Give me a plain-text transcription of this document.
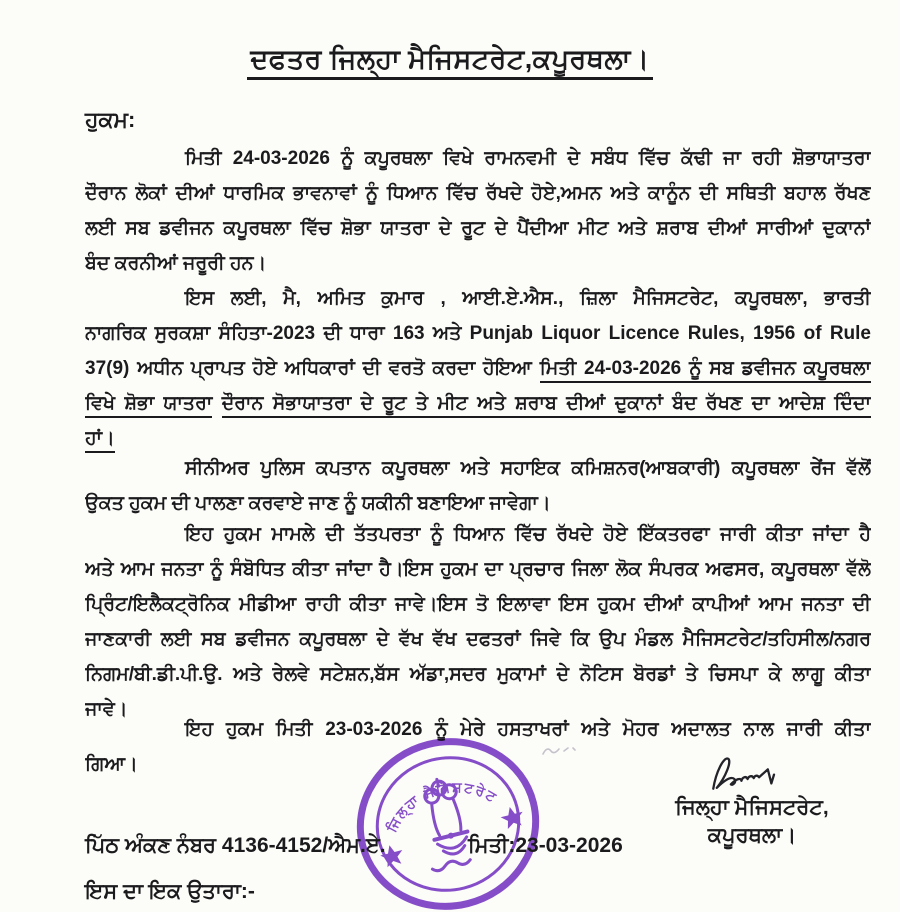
ਦਫਤਰ ਜਿਲ੍ਹਾ ਮੈਜਿਸਟਰੇਟ,ਕਪੂਰਥਲਾ।
ਹੁਕਮ:
ਮਿਤੀ 24-03-2026 ਨੂੰ ਕਪੂਰਥਲਾ ਵਿਖੇ ਰਾਮਨਵਮੀ ਦੇ ਸਬੰਧ ਵਿੱਚ ਕੱਢੀ ਜਾ ਰਹੀ ਸ਼ੋਭਾਯਾਤਰਾ
ਦੌਰਾਨ ਲੋਕਾਂ ਦੀਆਂ ਧਾਰਮਿਕ ਭਾਵਨਾਵਾਂ ਨੂੰ ਧਿਆਨ ਵਿੱਚ ਰੱਖਦੇ ਹੋਏ,ਅਮਨ ਅਤੇ ਕਾਨੂੰਨ ਦੀ ਸਥਿਤੀ ਬਹਾਲ ਰੱਖਣ
ਲਈ ਸਬ ਡਵੀਜਨ ਕਪੂਰਥਲਾ ਵਿੱਚ ਸ਼ੋਭਾ ਯਾਤਰਾ ਦੇ ਰੂਟ ਦੇ ਪੈਂਦੀਆ ਮੀਟ ਅਤੇ ਸ਼ਰਾਬ ਦੀਆਂ ਸਾਰੀਆਂ ਦੁਕਾਨਾਂ
ਬੰਦ ਕਰਨੀਆਂ ਜਰੂਰੀ ਹਨ।
ਇਸ ਲਈ, ਮੈ, ਅਮਿਤ ਕੁਮਾਰ , ਆਈ.ਏ.ਐਸ., ਜ਼ਿਲਾ ਮੈਜਿਸਟਰੇਟ, ਕਪੂਰਥਲਾ, ਭਾਰਤੀ
ਨਾਗਰਿਕ ਸੁਰਕਸ਼ਾ ਸੰਹਿਤਾ-2023 ਦੀ ਧਾਰਾ 163 ਅਤੇ Punjab Liquor Licence Rules, 1956 of Rule
37(9) ਅਧੀਨ ਪ੍ਰਾਪਤ ਹੋਏ ਅਧਿਕਾਰਾਂ ਦੀ ਵਰਤੋ ਕਰਦਾ ਹੋਇਆ ਮਿਤੀ 24-03-2026 ਨੂੰ ਸਬ ਡਵੀਜਨ ਕਪੂਰਥਲਾ
ਵਿਖੇ ਸ਼ੋਭਾ ਯਾਤਰਾ ਦੌਰਾਨ ਸੋਭਾਯਾਤਰਾ ਦੇ ਰੂਟ ਤੇ ਮੀਟ ਅਤੇ ਸ਼ਰਾਬ ਦੀਆਂ ਦੁਕਾਨਾਂ ਬੰਦ ਰੱਖਣ ਦਾ ਆਦੇਸ਼ ਦਿੰਦਾ
ਹਾਂ।
ਸੀਨੀਅਰ ਪੁਲਿਸ ਕਪਤਾਨ ਕਪੂਰਥਲਾ ਅਤੇ ਸਹਾਇਕ ਕਮਿਸ਼ਨਰ(ਆਬਕਾਰੀ) ਕਪੂਰਥਲਾ ਰੇਂਜ ਵੱਲੋਂ
ਉਕਤ ਹੁਕਮ ਦੀ ਪਾਲਣਾ ਕਰਵਾਏ ਜਾਣ ਨੂੰ ਯਕੀਨੀ ਬਣਾਇਆ ਜਾਵੇਗਾ।
ਇਹ ਹੁਕਮ ਮਾਮਲੇ ਦੀ ਤੱਤਪਰਤਾ ਨੂੰ ਧਿਆਨ ਵਿੱਚ ਰੱਖਦੇ ਹੋਏ ਇੱਕਤਰਫਾ ਜਾਰੀ ਕੀਤਾ ਜਾਂਦਾ ਹੈ
ਅਤੇ ਆਮ ਜਨਤਾ ਨੂੰ ਸੰਬੋਧਿਤ ਕੀਤਾ ਜਾਂਦਾ ਹੈ।ਇਸ ਹੁਕਮ ਦਾ ਪ੍ਰਚਾਰ ਜਿਲਾ ਲੋਕ ਸੰਪਰਕ ਅਫਸਰ, ਕਪੂਰਥਲਾ ਵੱਲੋ
ਪ੍ਰਿੰਟ/ਇਲੈਕਟ੍ਰੋਨਿਕ ਮੀਡੀਆ ਰਾਹੀ ਕੀਤਾ ਜਾਵੇ।ਇਸ ਤੋ ਇਲਾਵਾ ਇਸ ਹੁਕਮ ਦੀਆਂ ਕਾਪੀਆਂ ਆਮ ਜਨਤਾ ਦੀ
ਜਾਣਕਾਰੀ ਲਈ ਸਬ ਡਵੀਜਨ ਕਪੂਰਥਲਾ ਦੇ ਵੱਖ ਵੱਖ ਦਫਤਰਾਂ ਜਿਵੇ ਕਿ ਉਪ ਮੰਡਲ ਮੈਜਿਸਟਰੇਟ/ਤਹਿਸੀਲ/ਨਗਰ
ਨਿਗਮ/ਬੀ.ਡੀ.ਪੀ.ਉ. ਅਤੇ ਰੇਲਵੇ ਸਟੇਸ਼ਨ,ਬੱਸ ਅੱਡਾ,ਸਦਰ ਮੁਕਾਮਾਂ ਦੇ ਨੋਟਿਸ ਬੋਰਡਾਂ ਤੇ ਚਿਸਪਾ ਕੇ ਲਾਗੂ ਕੀਤਾ
ਜਾਵੇ।
ਇਹ ਹੁਕਮ ਮਿਤੀ 23-03-2026 ਨੂੰ ਮੇਰੇ ਹਸਤਾਖਰਾਂ ਅਤੇ ਮੋਹਰ ਅਦਾਲਤ ਨਾਲ ਜਾਰੀ ਕੀਤਾ
ਗਿਆ।
ਜਿਲ੍ਹਾ ਮੈਜਿਸਟਰੇਟ,
ਕਪੂਰਥਲਾ।
ਜਿਲ੍ਹਾ ਮੈਜਿਸਟਰੇਟ
ਪਿੱਠ ਅੰਕਣ ਨੰਬਰ 4136-4152/ਐਮ.ਏ.	ਮਿਤੀ:23-03-2026
ਇਸ ਦਾ ਇਕ ਉਤਾਰਾ:-
